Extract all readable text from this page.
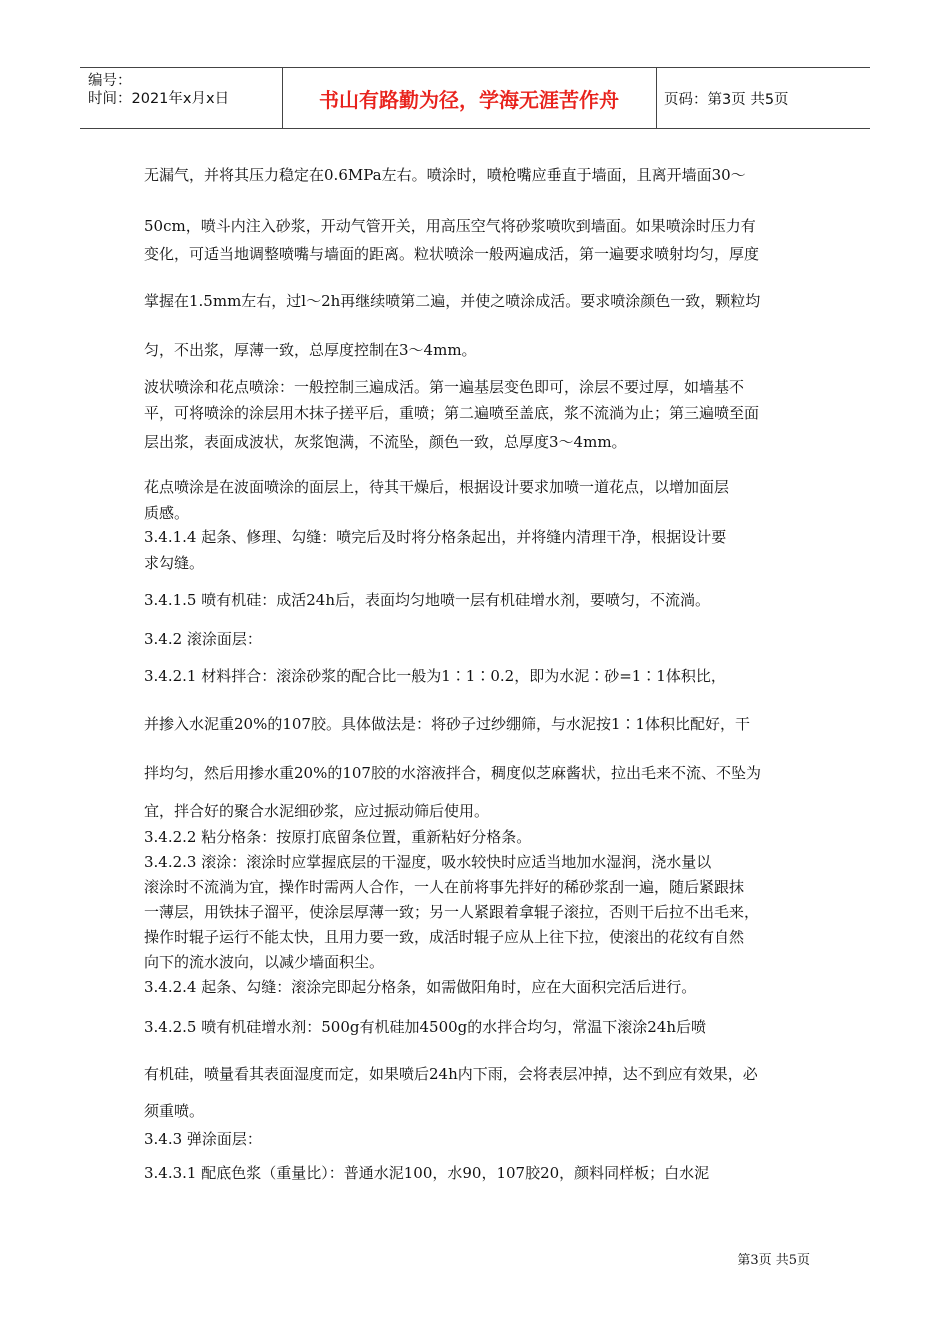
编号：
时间：2021年x月x日	书山有路勤为径，学海无涯苦作舟	页码：第3页 共5页
无漏气，并将其压力稳定在0.6MPa左右。喷涂时，喷枪嘴应垂直于墙面，且离开墙面30～
50cm，喷斗内注入砂浆，开动气管开关，用高压空气将砂浆喷吹到墙面。如果喷涂时压力有
变化，可适当地调整喷嘴与墙面的距离。粒状喷涂一般两遍成活，第一遍要求喷射均匀，厚度
掌握在1.5mm左右，过l～2h再继续喷第二遍，并使之喷涂成活。要求喷涂颜色一致，颗粒均
匀，不出浆，厚薄一致，总厚度控制在3～4mm。
波状喷涂和花点喷涂：一般控制三遍成活。第一遍基层变色即可，涂层不要过厚，如墙基不
平，可将喷涂的涂层用木抹子搓平后，重喷；第二遍喷至盖底，浆不流淌为止；第三遍喷至面
层出浆，表面成波状，灰浆饱满，不流坠，颜色一致，总厚度3～4mm。
花点喷涂是在波面喷涂的面层上，待其干燥后，根据设计要求加喷一道花点，以增加面层
质感。
3.4.1.4 起条、修理、勾缝：喷完后及时将分格条起出，并将缝内清理干净，根据设计要
求勾缝。
3.4.1.5 喷有机硅：成活24h后，表面均匀地喷一层有机硅增水剂，要喷匀，不流淌。
3.4.2 滚涂面层：
3.4.2.1 材料拌合：滚涂砂浆的配合比一般为1∶1∶0.2，即为水泥∶砂=1∶1体积比，
并掺入水泥重20%的107胶。具体做法是：将砂子过纱绷筛，与水泥按1∶1体积比配好，干
拌均匀，然后用掺水重20%的107胶的水溶液拌合，稠度似芝麻酱状，拉出毛来不流、不坠为
宜，拌合好的聚合水泥细砂浆，应过振动筛后使用。
3.4.2.2 粘分格条：按原打底留条位置，重新粘好分格条。
3.4.2.3 滚涂：滚涂时应掌握底层的干湿度，吸水较快时应适当地加水湿润，浇水量以
滚涂时不流淌为宜，操作时需两人合作，一人在前将事先拌好的稀砂浆刮一遍，随后紧跟抹
一薄层，用铁抹子溜平，使涂层厚薄一致；另一人紧跟着拿辊子滚拉，否则干后拉不出毛来，
操作时辊子运行不能太快，且用力要一致，成活时辊子应从上往下拉，使滚出的花纹有自然
向下的流水波向，以减少墙面积尘。
3.4.2.4 起条、勾缝：滚涂完即起分格条，如需做阳角时，应在大面积完活后进行。
3.4.2.5 喷有机硅增水剂：500g有机硅加4500g的水拌合均匀，常温下滚涂24h后喷
有机硅，喷量看其表面湿度而定，如果喷后24h内下雨，会将表层冲掉，达不到应有效果，必
须重喷。
3.4.3 弹涂面层：
3.4.3.1 配底色浆（重量比）：普通水泥100，水90，107胶20，颜料同样板；白水泥
第3页 共5页
